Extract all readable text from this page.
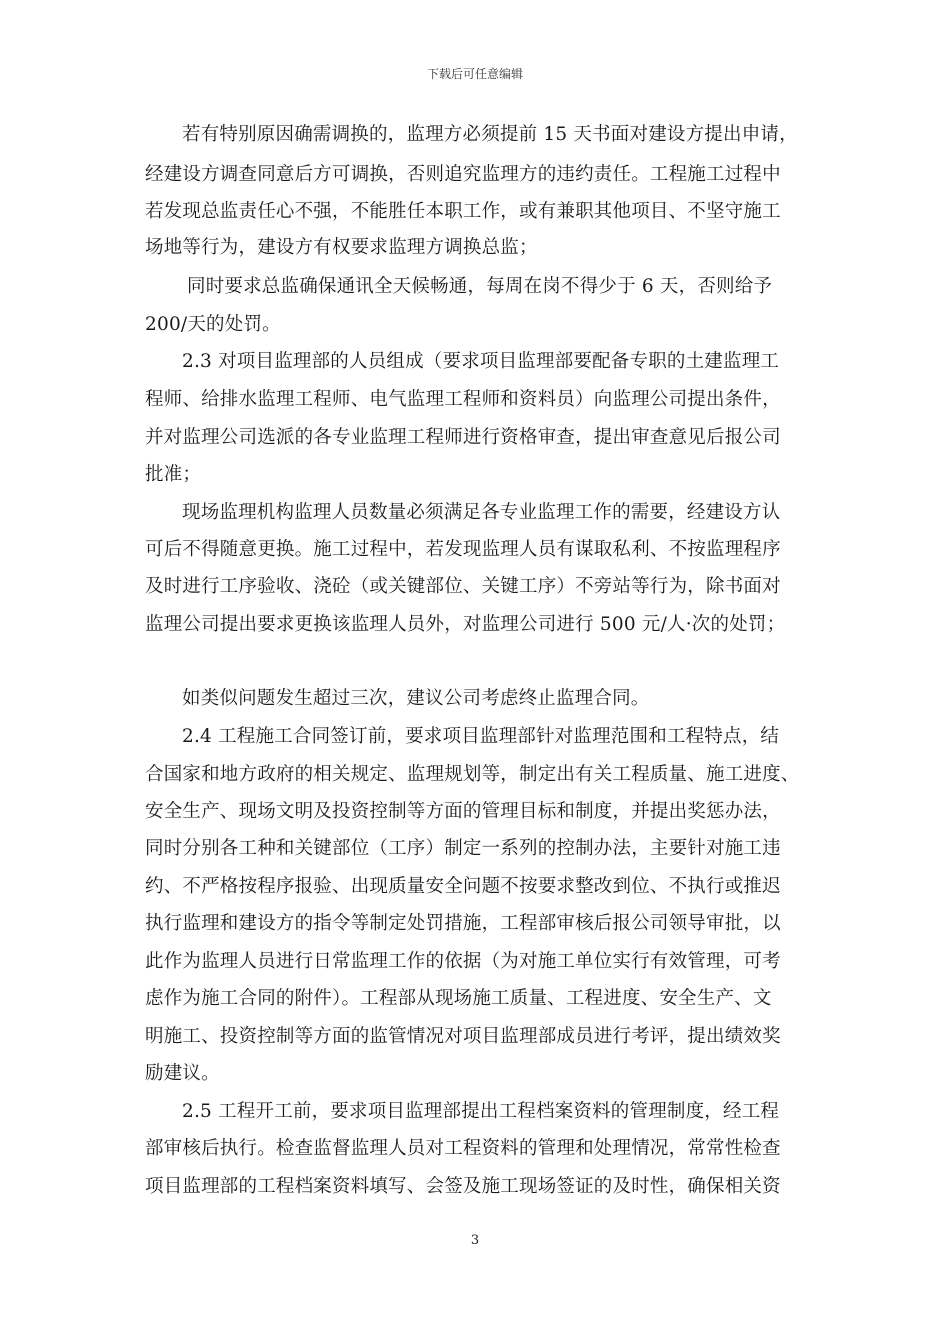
下载后可任意编辑
若有特别原因确需调换的，监理方必须提前 15 天书面对建设方提出申请，
经建设方调查同意后方可调换，否则追究监理方的违约责任。工程施工过程中
若发现总监责任心不强，不能胜任本职工作，或有兼职其他项目、不坚守施工
场地等行为，建设方有权要求监理方调换总监；
同时要求总监确保通讯全天候畅通，每周在岗不得少于 6 天，否则给予
200/天的处罚。
2.3 对项目监理部的人员组成（要求项目监理部要配备专职的土建监理工
程师、给排水监理工程师、电气监理工程师和资料员）向监理公司提出条件，
并对监理公司选派的各专业监理工程师进行资格审查，提出审查意见后报公司
批准；
现场监理机构监理人员数量必须满足各专业监理工作的需要，经建设方认
可后不得随意更换。施工过程中，若发现监理人员有谋取私利、不按监理程序
及时进行工序验收、浇砼（或关键部位、关键工序）不旁站等行为，除书面对
监理公司提出要求更换该监理人员外，对监理公司进行 500 元/人·次的处罚；
如类似问题发生超过三次，建议公司考虑终止监理合同。
2.4 工程施工合同签订前，要求项目监理部针对监理范围和工程特点，结
合国家和地方政府的相关规定、监理规划等，制定出有关工程质量、施工进度、
安全生产、现场文明及投资控制等方面的管理目标和制度，并提出奖惩办法，
同时分别各工种和关键部位（工序）制定一系列的控制办法，主要针对施工违
约、不严格按程序报验、出现质量安全问题不按要求整改到位、不执行或推迟
执行监理和建设方的指令等制定处罚措施，工程部审核后报公司领导审批，以
此作为监理人员进行日常监理工作的依据（为对施工单位实行有效管理，可考
虑作为施工合同的附件）。工程部从现场施工质量、工程进度、安全生产、文
明施工、投资控制等方面的监管情况对项目监理部成员进行考评，提出绩效奖
励建议。
2.5 工程开工前，要求项目监理部提出工程档案资料的管理制度，经工程
部审核后执行。检查监督监理人员对工程资料的管理和处理情况，常常性检查
项目监理部的工程档案资料填写、会签及施工现场签证的及时性，确保相关资
3
